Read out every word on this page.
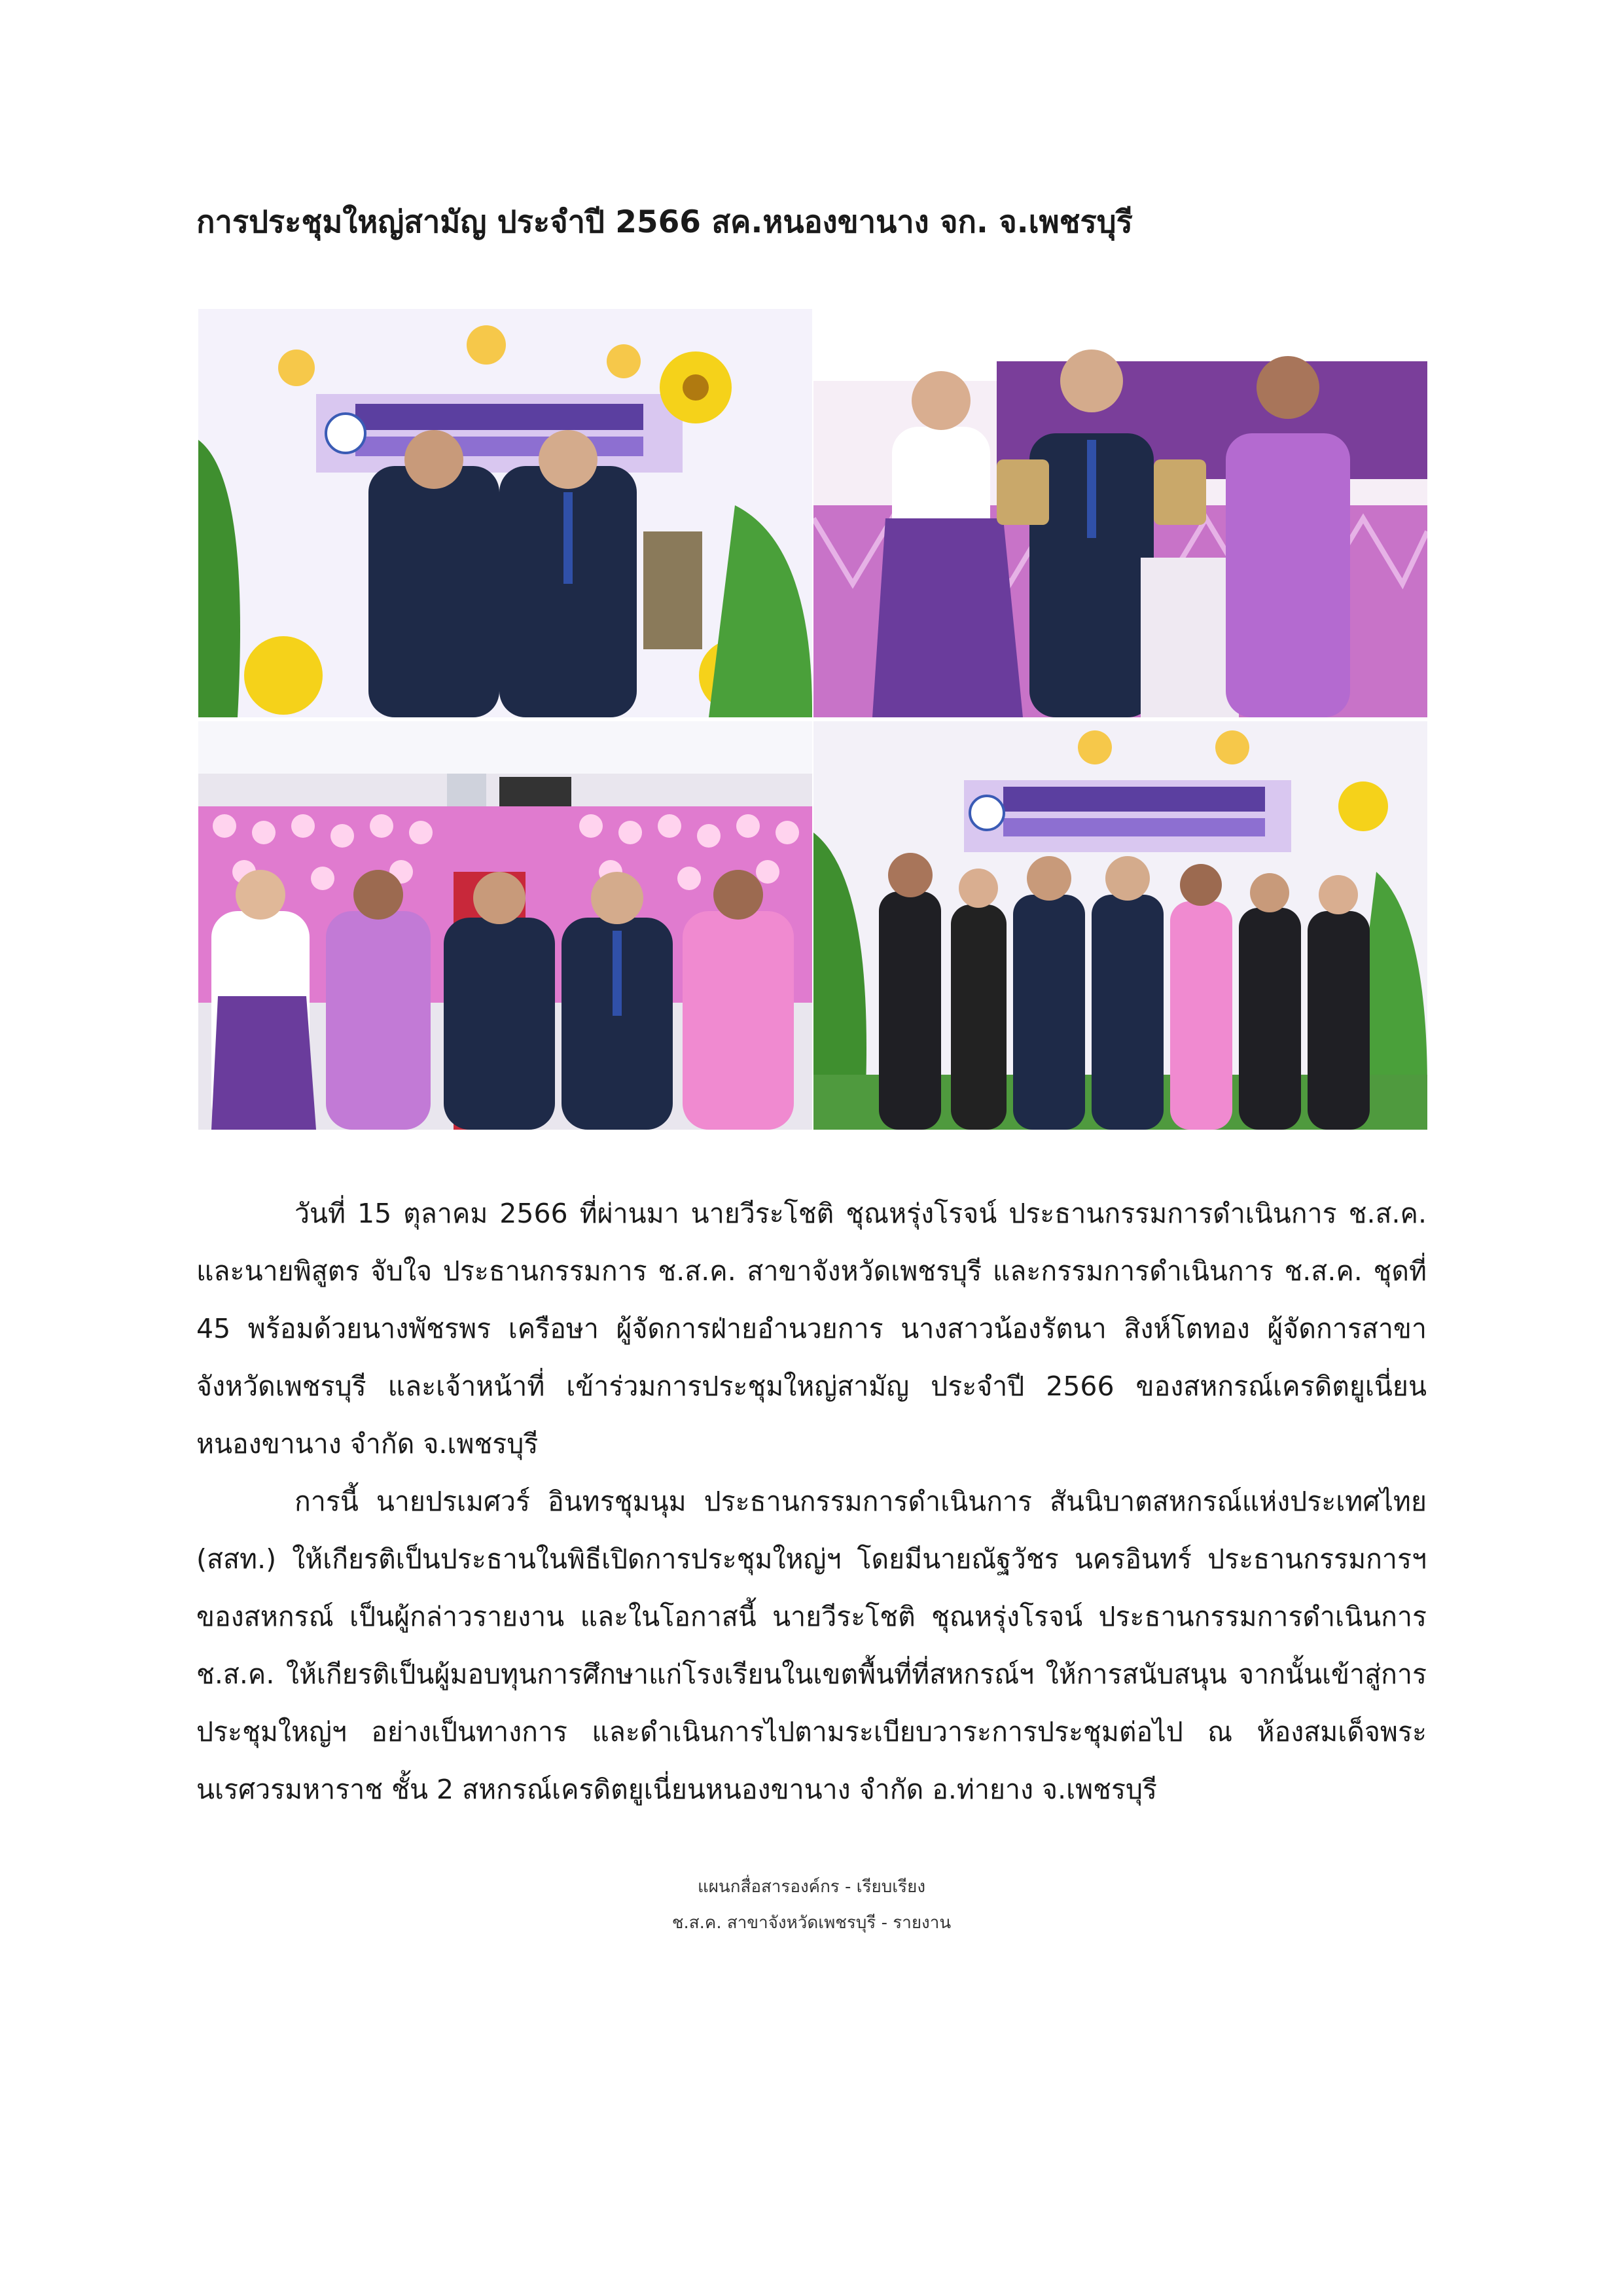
การประชุมใหญ่สามัญ ประจำปี 2566 สค.หนองขานาง จก. จ.เพชรบุรี

วันที่ 15 ตุลาคม 2566 ที่ผ่านมา นายวีระโชติ ชุณหรุ่งโรจน์ ประธานกรรมการดำเนินการ ช.ส.ค. และนายพิสูตร จับใจ ประธานกรรมการ ช.ส.ค. สาขาจังหวัดเพชรบุรี และกรรมการดำเนินการ ช.ส.ค. ชุดที่ 45 พร้อมด้วยนางพัชรพร เครือษา ผู้จัดการฝ่ายอำนวยการ นางสาวน้องรัตนา สิงห์โตทอง ผู้จัดการสาขาจังหวัดเพชรบุรี และเจ้าหน้าที่ เข้าร่วมการประชุมใหญ่สามัญ ประจำปี 2566 ของสหกรณ์เครดิตยูเนี่ยนหนองขานาง จำกัด จ.เพชรบุรี

การนี้ นายปรเมศวร์ อินทรชุมนุม ประธานกรรมการดำเนินการ สันนิบาตสหกรณ์แห่งประเทศไทย (สสท.) ให้เกียรติเป็นประธานในพิธีเปิดการประชุมใหญ่ฯ โดยมีนายณัฐวัชร นครอินทร์ ประธานกรรมการฯ ของสหกรณ์ เป็นผู้กล่าวรายงาน และในโอกาสนี้ นายวีระโชติ ชุณหรุ่งโรจน์ ประธานกรรมการดำเนินการ ช.ส.ค. ให้เกียรติเป็นผู้มอบทุนการศึกษาแก่โรงเรียนในเขตพื้นที่ที่สหกรณ์ฯ ให้การสนับสนุน จากนั้นเข้าสู่การประชุมใหญ่ฯ อย่างเป็นทางการ และดำเนินการไปตามระเบียบวาระการประชุมต่อไป ณ ห้องสมเด็จพระนเรศวรมหาราช ชั้น 2 สหกรณ์เครดิตยูเนี่ยนหนองขานาง จำกัด อ.ท่ายาง จ.เพชรบุรี

แผนกสื่อสารองค์กร - เรียบเรียง
ช.ส.ค. สาขาจังหวัดเพชรบุรี - รายงาน
